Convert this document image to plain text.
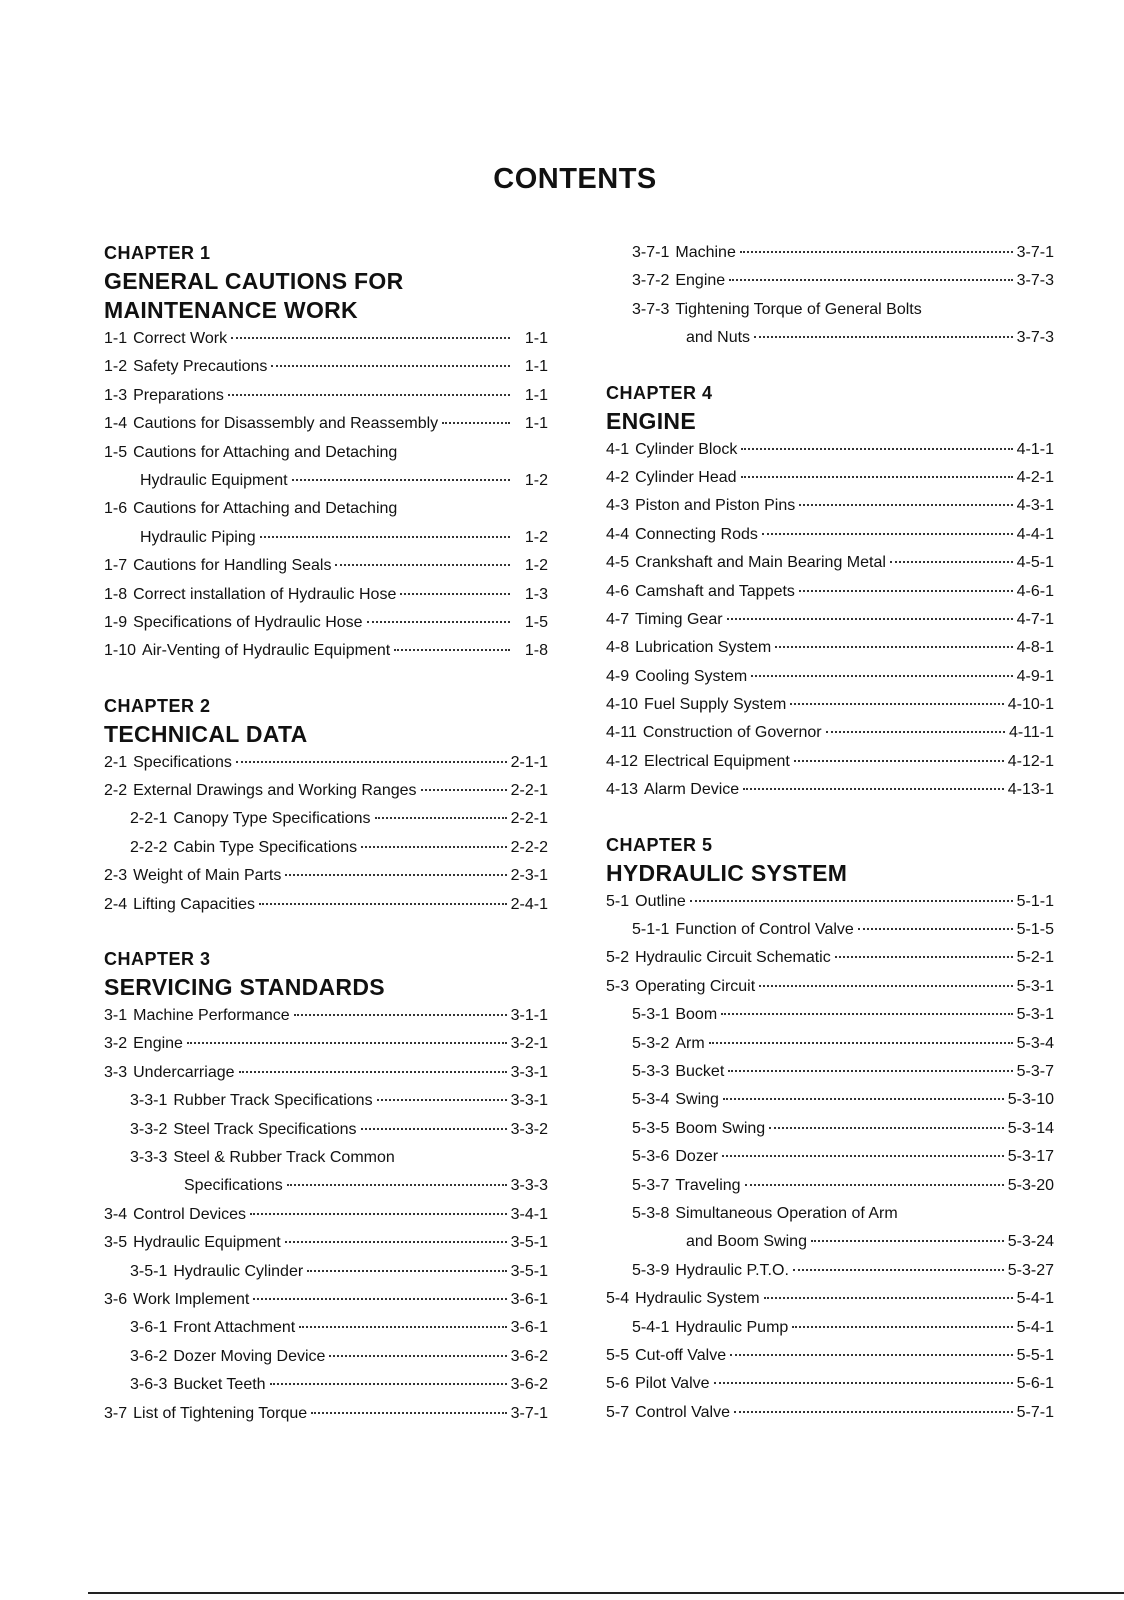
CONTENTS
CHAPTER 1
GENERAL CAUTIONS FOR
MAINTENANCE WORK
1-1 Correct Work	1-1
1-2 Safety Precautions	1-1
1-3 Preparations	1-1
1-4 Cautions for Disassembly and Reassembly	1-1
1-5 Cautions for Attaching and Detaching
Hydraulic Equipment	1-2
1-6 Cautions for Attaching and Detaching
Hydraulic Piping	1-2
1-7 Cautions for Handling Seals	1-2
1-8 Correct installation of Hydraulic Hose	1-3
1-9 Specifications of Hydraulic Hose	1-5
1-10 Air-Venting of Hydraulic Equipment	1-8
CHAPTER 2
TECHNICAL DATA
2-1 Specifications	2-1-1
2-2 External Drawings and Working Ranges	2-2-1
2-2-1 Canopy Type Specifications	2-2-1
2-2-2 Cabin Type Specifications	2-2-2
2-3 Weight of Main Parts	2-3-1
2-4 Lifting Capacities	2-4-1
CHAPTER 3
SERVICING STANDARDS
3-1 Machine Performance	3-1-1
3-2 Engine	3-2-1
3-3 Undercarriage	3-3-1
3-3-1 Rubber Track Specifications	3-3-1
3-3-2 Steel Track Specifications	3-3-2
3-3-3 Steel & Rubber Track Common
Specifications	3-3-3
3-4 Control Devices	3-4-1
3-5 Hydraulic Equipment	3-5-1
3-5-1 Hydraulic Cylinder	3-5-1
3-6 Work Implement	3-6-1
3-6-1 Front Attachment	3-6-1
3-6-2 Dozer Moving Device	3-6-2
3-6-3 Bucket Teeth	3-6-2
3-7 List of Tightening Torque	3-7-1
3-7-1 Machine	3-7-1
3-7-2 Engine	3-7-3
3-7-3 Tightening Torque of General Bolts
and Nuts	3-7-3
CHAPTER 4
ENGINE
4-1 Cylinder Block	4-1-1
4-2 Cylinder Head	4-2-1
4-3 Piston and Piston Pins	4-3-1
4-4 Connecting Rods	4-4-1
4-5 Crankshaft and Main Bearing Metal	4-5-1
4-6 Camshaft and Tappets	4-6-1
4-7 Timing Gear	4-7-1
4-8 Lubrication System	4-8-1
4-9 Cooling System	4-9-1
4-10 Fuel Supply System	4-10-1
4-11 Construction of Governor	4-11-1
4-12 Electrical Equipment	4-12-1
4-13 Alarm Device	4-13-1
CHAPTER 5
HYDRAULIC SYSTEM
5-1 Outline	5-1-1
5-1-1 Function of Control Valve	5-1-5
5-2 Hydraulic Circuit Schematic	5-2-1
5-3 Operating Circuit	5-3-1
5-3-1 Boom	5-3-1
5-3-2 Arm	5-3-4
5-3-3 Bucket	5-3-7
5-3-4 Swing	5-3-10
5-3-5 Boom Swing	5-3-14
5-3-6 Dozer	5-3-17
5-3-7 Traveling	5-3-20
5-3-8 Simultaneous Operation of Arm
and Boom Swing	5-3-24
5-3-9 Hydraulic P.T.O.	5-3-27
5-4 Hydraulic System	5-4-1
5-4-1 Hydraulic Pump	5-4-1
5-5 Cut-off Valve	5-5-1
5-6 Pilot Valve	5-6-1
5-7 Control Valve	5-7-1
